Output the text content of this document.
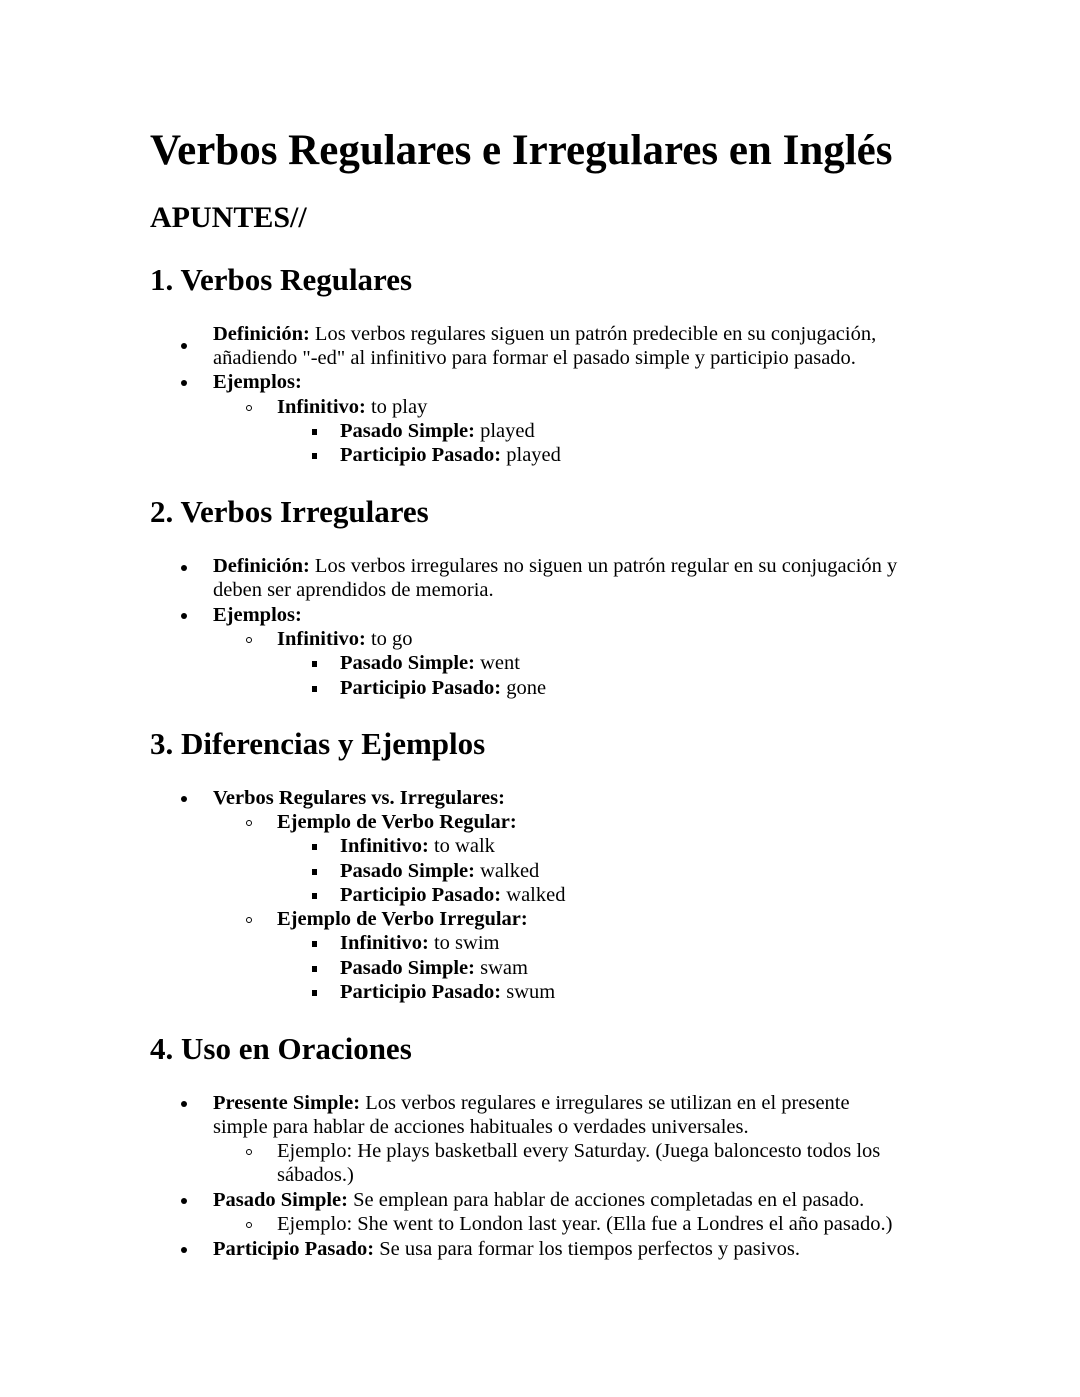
Verbos Regulares e Irregulares en Inglés
APUNTES//
1. Verbos Regulares
Definición: Los verbos regulares siguen un patrón predecible en su conjugación,
añadiendo "-ed" al infinitivo para formar el pasado simple y participio pasado.
Ejemplos:
Infinitivo: to play
Pasado Simple: played
Participio Pasado: played
2. Verbos Irregulares
Definición: Los verbos irregulares no siguen un patrón regular en su conjugación y
deben ser aprendidos de memoria.
Ejemplos:
Infinitivo: to go
Pasado Simple: went
Participio Pasado: gone
3. Diferencias y Ejemplos
Verbos Regulares vs. Irregulares:
Ejemplo de Verbo Regular:
Infinitivo: to walk
Pasado Simple: walked
Participio Pasado: walked
Ejemplo de Verbo Irregular:
Infinitivo: to swim
Pasado Simple: swam
Participio Pasado: swum
4. Uso en Oraciones
Presente Simple: Los verbos regulares e irregulares se utilizan en el presente
simple para hablar de acciones habituales o verdades universales.
Ejemplo: He plays basketball every Saturday. (Juega baloncesto todos los
sábados.)
Pasado Simple: Se emplean para hablar de acciones completadas en el pasado.
Ejemplo: She went to London last year. (Ella fue a Londres el año pasado.)
Participio Pasado: Se usa para formar los tiempos perfectos y pasivos.
